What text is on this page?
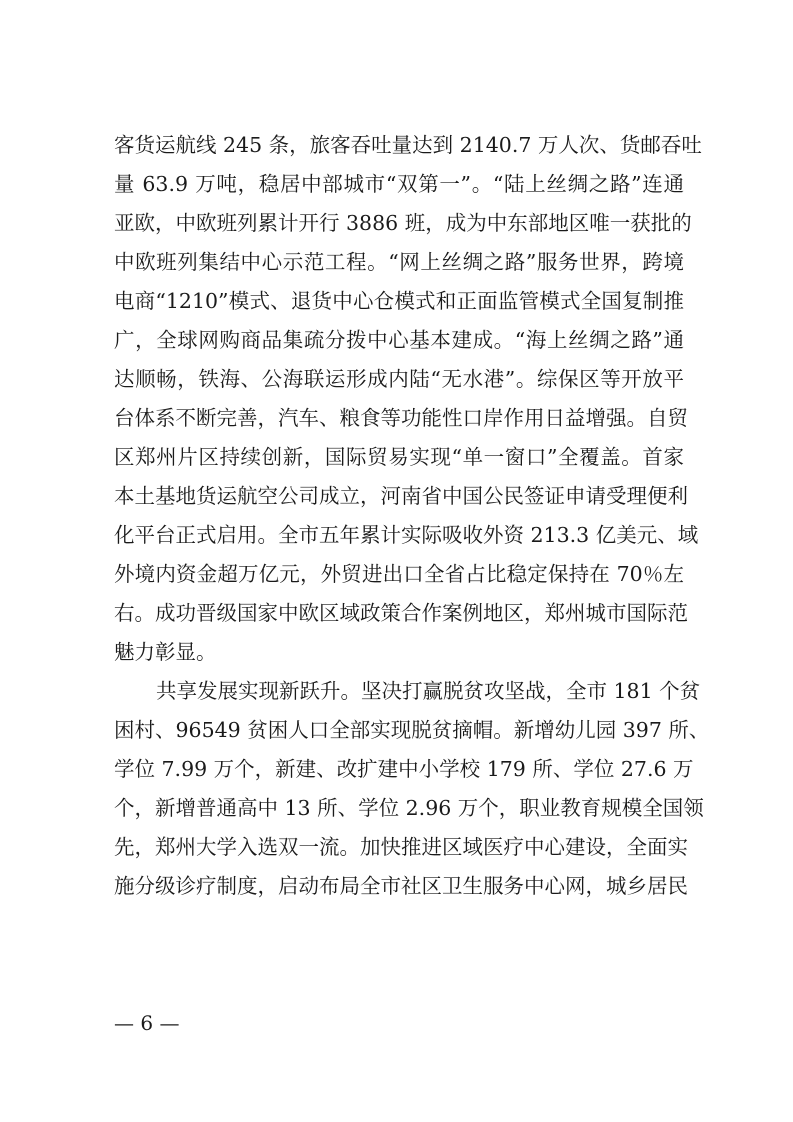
客货运航线 245 条，旅客吞吐量达到 2140.7 万人次、货邮吞吐
量 63.9 万吨，稳居中部城市“双第一”。“陆上丝绸之路”连通
亚欧，中欧班列累计开行 3886 班，成为中东部地区唯一获批的
中欧班列集结中心示范工程。“网上丝绸之路”服务世界，跨境
电商“1210”模式、退货中心仓模式和正面监管模式全国复制推
广，全球网购商品集疏分拨中心基本建成。“海上丝绸之路”通
达顺畅，铁海、公海联运形成内陆“无水港”。综保区等开放平
台体系不断完善，汽车、粮食等功能性口岸作用日益增强。自贸
区郑州片区持续创新，国际贸易实现“单一窗口”全覆盖。首家
本土基地货运航空公司成立，河南省中国公民签证申请受理便利
化平台正式启用。全市五年累计实际吸收外资 213.3 亿美元、域
外境内资金超万亿元，外贸进出口全省占比稳定保持在 70％左
右。成功晋级国家中欧区域政策合作案例地区，郑州城市国际范
魅力彰显。
共享发展实现新跃升。坚决打赢脱贫攻坚战，全市 181 个贫
困村、96549 贫困人口全部实现脱贫摘帽。新增幼儿园 397 所、
学位 7.99 万个，新建、改扩建中小学校 179 所、学位 27.6 万
个，新增普通高中 13 所、学位 2.96 万个，职业教育规模全国领
先，郑州大学入选双一流。加快推进区域医疗中心建设，全面实
施分级诊疗制度，启动布局全市社区卫生服务中心网，城乡居民
— 6 —
